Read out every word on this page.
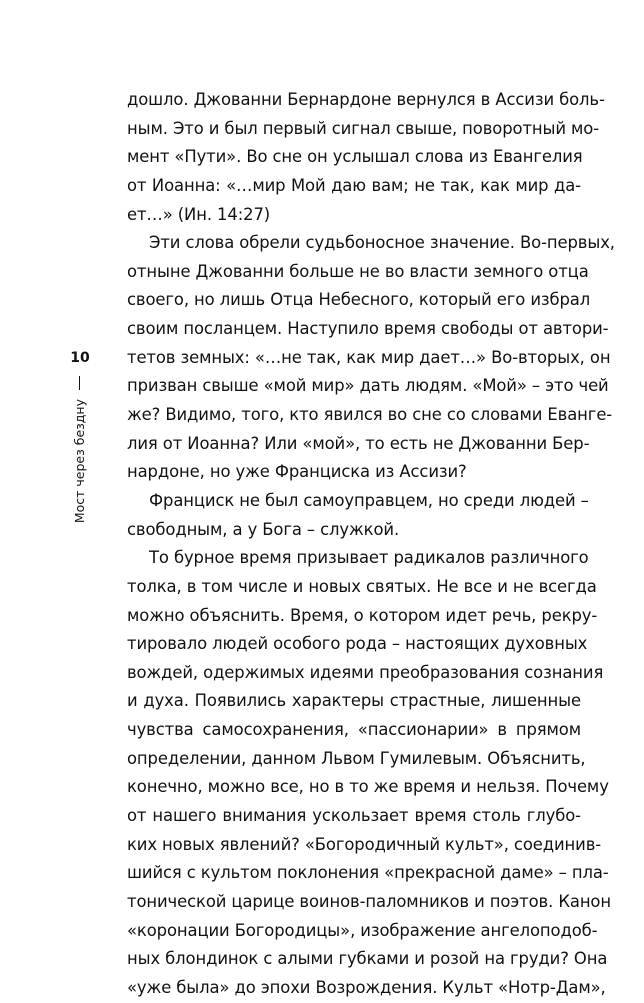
10
Мост через бездну
дошло. Джованни Бернардоне вернулся в Ассизи боль-
ным. Это и был первый сигнал свыше, поворотный мо-
мент «Пути». Во сне он услышал слова из Евангелия
от Иоанна: «…мир Мой даю вам; не так, как мир да-
ет…» (Ин. 14:27)
Эти слова обрели судьбоносное значение. Во-первых,
отныне Джованни больше не во власти земного отца
своего, но лишь Отца Небесного, который его избрал
своим посланцем. Наступило время свободы от автори-
тетов земных: «…не так, как мир дает…» Во-вторых, он
призван свыше «мой мир» дать людям. «Мой» – это чей
же? Видимо, того, кто явился во сне со словами Еванге-
лия от Иоанна? Или «мой», то есть не Джованни Бер-
нардоне, но уже Франциска из Ассизи?
Франциск не был самоуправцем, но среди людей –
свободным, а у Бога – служкой.
То бурное время призывает радикалов различного
толка, в том числе и новых святых. Не все и не всегда
можно объяснить. Время, о котором идет речь, рекру-
тировало людей особого рода – настоящих духовных
вождей, одержимых идеями преобразования сознания
и духа. Появились характеры страстные, лишенные
чувства самосохранения, «пассионарии» в прямом
определении, данном Львом Гумилевым. Объяснить,
конечно, можно все, но в то же время и нельзя. Почему
от нашего внимания ускользает время столь глубо-
ких новых явлений? «Богородичный культ», соединив-
шийся с культом поклонения «прекрасной даме» – пла-
тонической царице воинов-паломников и поэтов. Канон
«коронации Богородицы», изображение ангелоподоб-
ных блондинок с алыми губками и розой на груди? Она
«уже была» до эпохи Возрождения. Культ «Нотр-Дам»,
